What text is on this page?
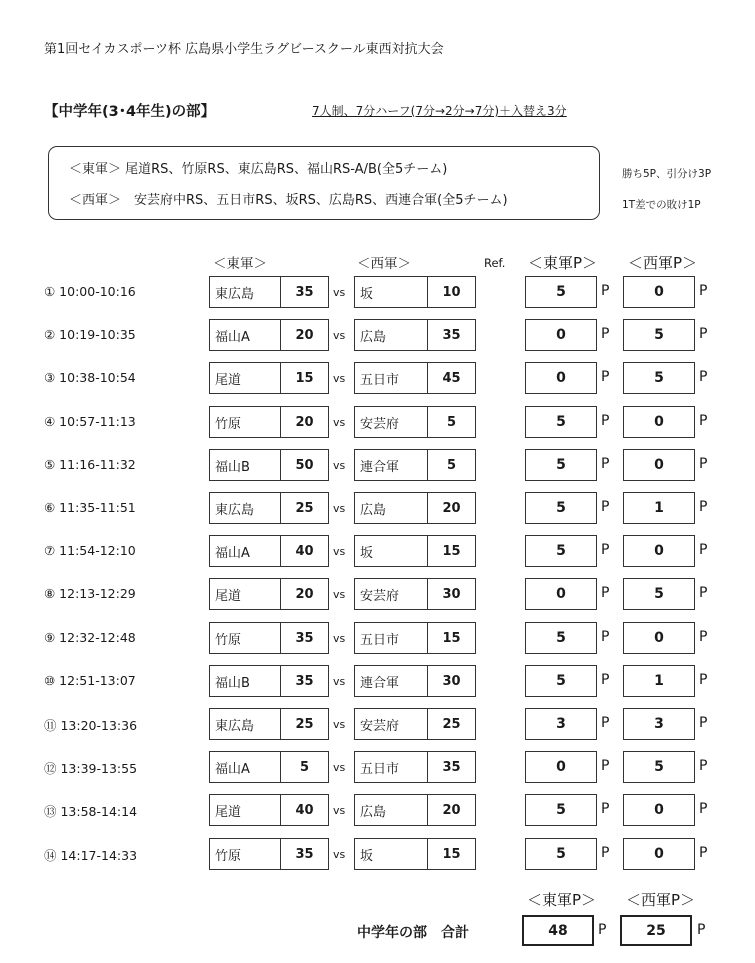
第1回セイカスポーツ杯 広島県小学生ラグビースクール東西対抗大会
【中学年(3･4年生)の部】	7人制、7分ハーフ(7分→2分→7分)＋入替え3分
＜東軍＞ 尾道RS、竹原RS、東広島RS、福山RS-A/B(全5チーム)
＜西軍＞　安芸府中RS、五日市RS、坂RS、広島RS、西連合軍(全5チーム)
勝ち5P、引分け3P
1T差での敗け1P
＜東軍＞	＜西軍＞	Ref. ＜東軍P＞ ＜西軍P＞
① 10:00-10:16	東広島	35	vs	坂	10	5	P	0	P
② 10:19-10:35	福山A	20	vs	広島	35	0	P	5	P
③ 10:38-10:54	尾道	15	vs	五日市	45	0	P	5	P
④ 10:57-11:13	竹原	20	vs	安芸府	5	5	P	0	P
⑤ 11:16-11:32	福山B	50	vs	連合軍	5	5	P	0	P
⑥ 11:35-11:51	東広島	25	vs	広島	20	5	P	1	P
⑦ 11:54-12:10	福山A	40	vs	坂	15	5	P	0	P
⑧ 12:13-12:29	尾道	20	vs	安芸府	30	0	P	5	P
⑨ 12:32-12:48	竹原	35	vs	五日市	15	5	P	0	P
⑩ 12:51-13:07	福山B	35	vs	連合軍	30	5	P	1	P
⑪ 13:20-13:36	東広島	25	vs	安芸府	25	3	P	3	P
⑫ 13:39-13:55	福山A	5	vs	五日市	35	0	P	5	P
⑬ 13:58-14:14	尾道	40	vs	広島	20	5	P	0	P
⑭ 14:17-14:33	竹原	35	vs	坂	15	5	P	0	P
中学年の部　合計
＜東軍P＞ ＜西軍P＞
48	P	25	P
